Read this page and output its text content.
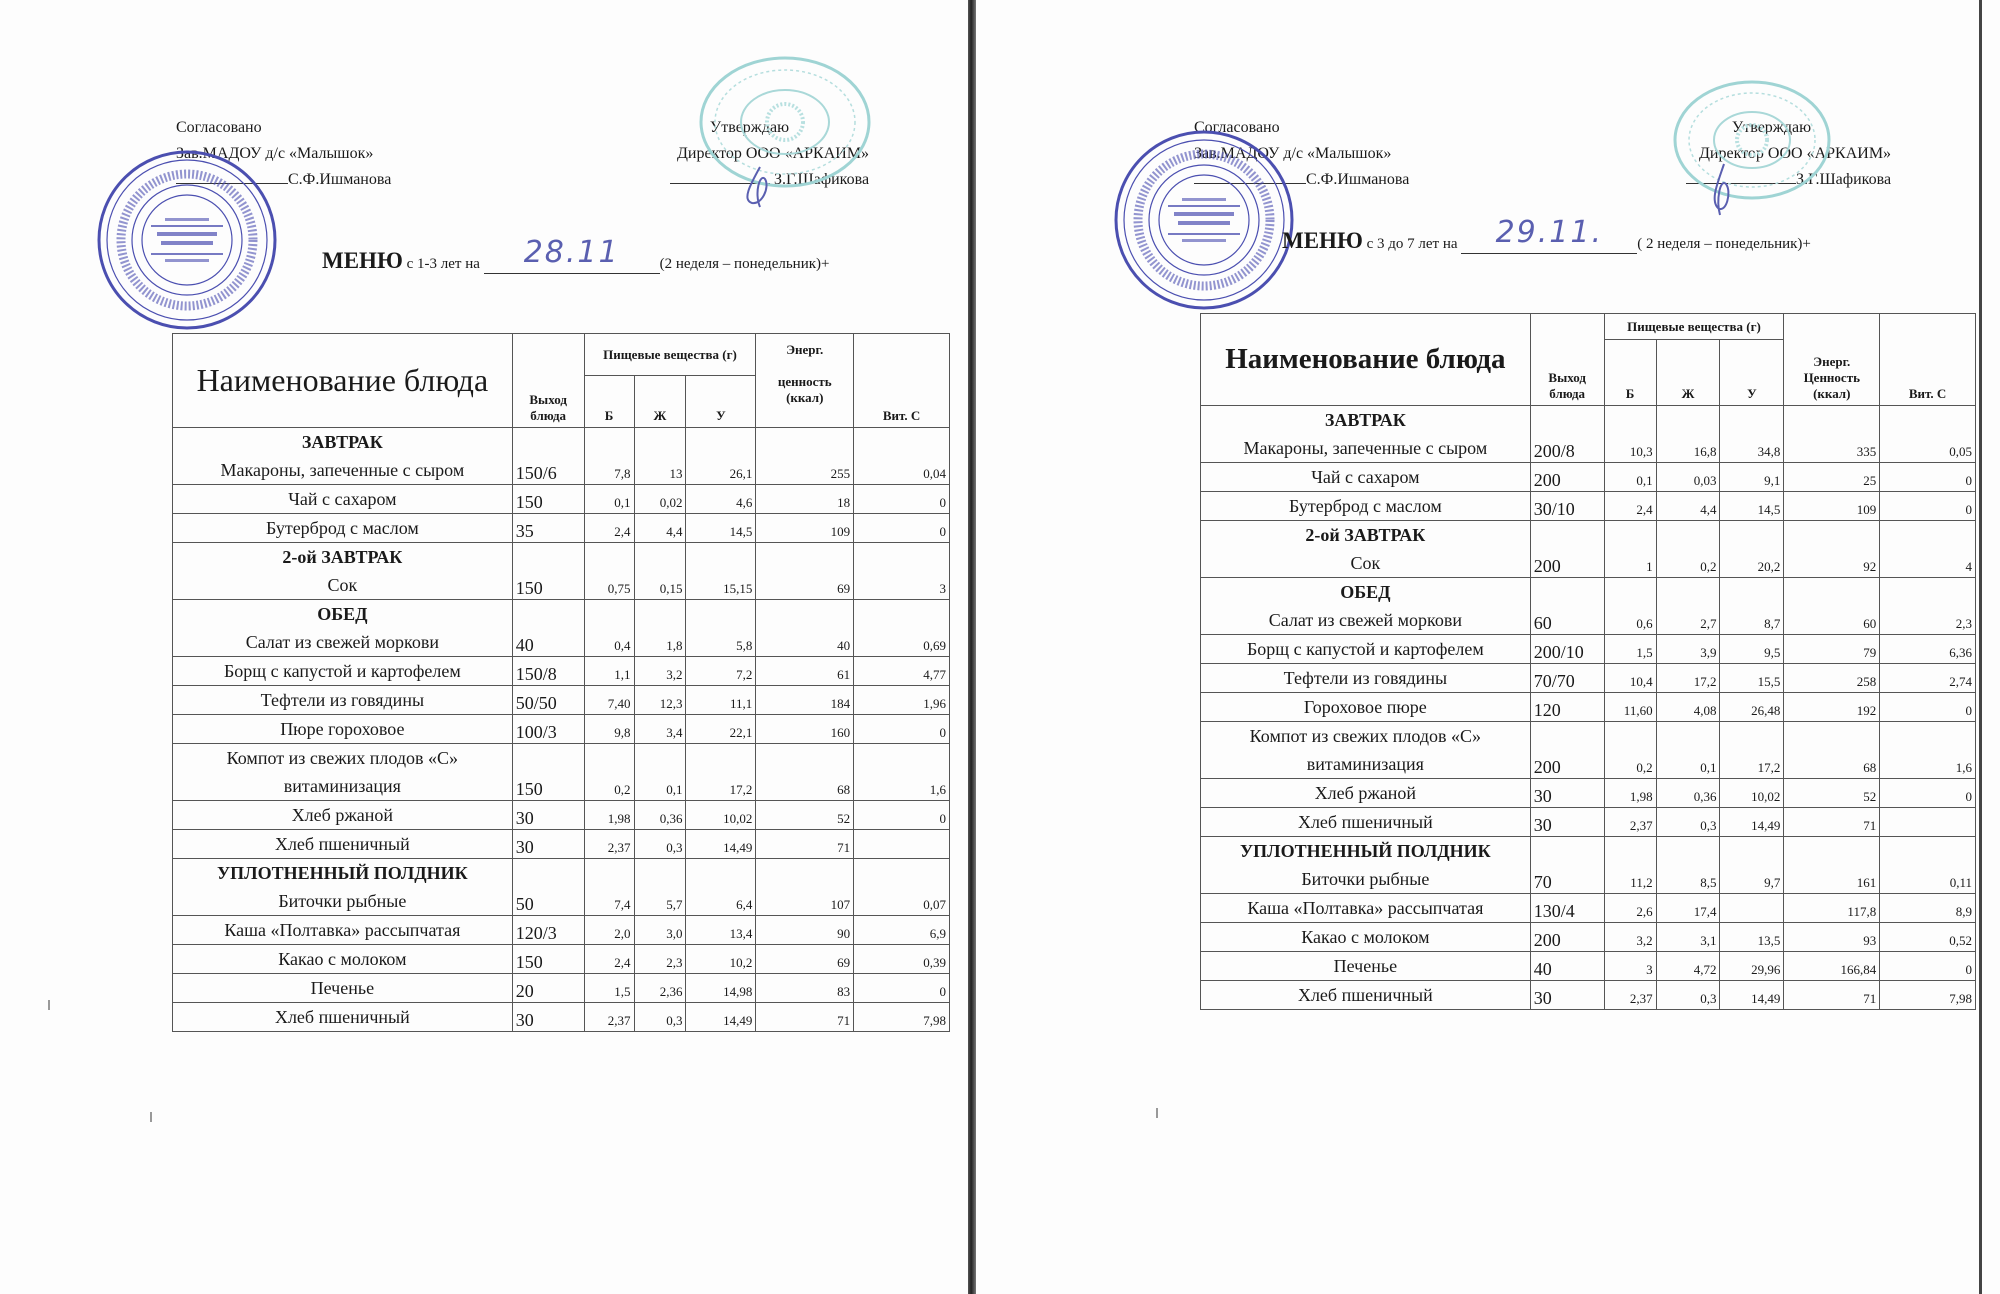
Согласовано
Зав.МАДОУ д/с «Малышок»
С.Ф.Ишманова
Утверждаю
Директор ООО «АРКАИМ»
З.Г.Шафикова
МЕНЮ с 1-3 лет на	28.11	(2 неделя – понедельник)+
Наименование блюда	Выход блюда	Пищевые вещества (г)			Энерг.

ценность (ккал)	Вит. С
		Б	Ж	У		

ЗАВТРАК
Макароны, запеченные с сыром	150/6	7,8	13	26,1	255	0,04
Чай с сахаром	150	0,1	0,02	4,6	18	0
Бутерброд с маслом	35	2,4	4,4	14,5	109	0

2-ой ЗАВТРАК
Сок	150	0,75	0,15	15,15	69	3

ОБЕД
Салат из свежей моркови	40	0,4	1,8	5,8	40	0,69
Борщ с капустой и картофелем	150/8	1,1	3,2	7,2	61	4,77
Тефтели из говядины	50/50	7,40	12,3	11,1	184	1,96
Пюре гороховое	100/3	9,8	3,4	22,1	160	0

Компот из свежих плодов «С» витаминизация	150	0,2	0,1	17,2	68	1,6
Хлеб ржаной	30	1,98	0,36	10,02	52	0
Хлеб пшеничный	30	2,37	0,3	14,49	71	

УПЛОТНЕННЫЙ ПОЛДНИК
Биточки рыбные	50	7,4	5,7	6,4	107	0,07
Каша «Полтавка» рассыпчатая	120/3	2,0	3,0	13,4	90	6,9
Какао с молоком	150	2,4	2,3	10,2	69	0,39
Печенье	20	1,5	2,36	14,98	83	0
Хлеб пшеничный	30	2,37	0,3	14,49	71	7,98
Согласовано
Зав.МАДОУ д/с «Малышок»
С.Ф.Ишманова
Утверждаю
Директор ООО «АРКАИМ»
З.Г.Шафикова
МЕНЮ с 3 до 7 лет на	29.11.	( 2 неделя – понедельник)+
Наименование блюда	Выход блюда	Пищевые вещества (г)			Энерг. Ценность (ккал)	Вит. С
		Б	Ж	У		

ЗАВТРАК
Макароны, запеченные с сыром	200/8	10,3	16,8	34,8	335	0,05
Чай с сахаром	200	0,1	0,03	9,1	25	0
Бутерброд с маслом	30/10	2,4	4,4	14,5	109	0

2-ой ЗАВТРАК
Сок	200	1	0,2	20,2	92	4

ОБЕД
Салат из свежей моркови	60	0,6	2,7	8,7	60	2,3
Борщ с капустой и картофелем	200/10	1,5	3,9	9,5	79	6,36
Тефтели из говядины	70/70	10,4	17,2	15,5	258	2,74
Гороховое пюре	120	11,60	4,08	26,48	192	0

Компот из свежих плодов «С» витаминизация	200	0,2	0,1	17,2	68	1,6
Хлеб ржаной	30	1,98	0,36	10,02	52	0
Хлеб пшеничный	30	2,37	0,3	14,49	71	

УПЛОТНЕННЫЙ ПОЛДНИК
Биточки рыбные	70	11,2	8,5	9,7	161	0,11
Каша «Полтавка» рассыпчатая	130/4	2,6	17,4		117,8	8,9
Какао с молоком	200	3,2	3,1	13,5	93	0,52
Печенье	40	3	4,72	29,96	166,84	0
Хлеб пшеничный	30	2,37	0,3	14,49	71	7,98
